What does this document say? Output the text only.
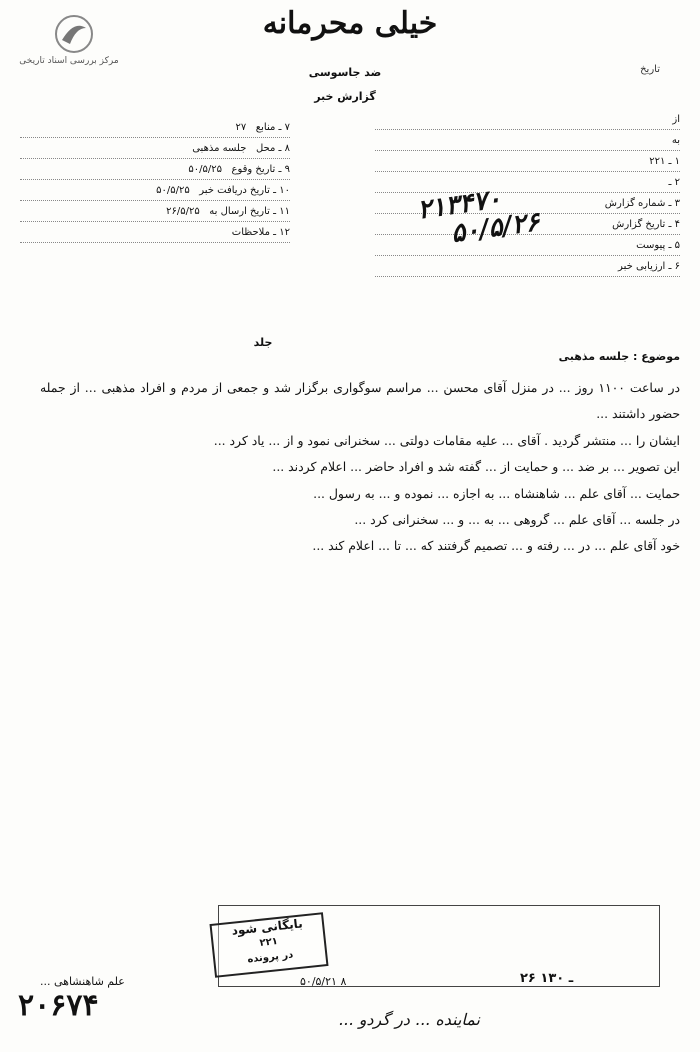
مرکز بررسی اسناد تاریخی
خیلی محرمانه
ضد جاسوسی
گزارش خبر
تاریخ
۷ ـ منابع   ۲۷
۸ ـ محل   جلسه مذهبی
۹ ـ تاریخ وقوع   ۵۰/۵/۲۵
۱۰ ـ تاریخ دریافت خبر   ۵۰/۵/۲۵
۱۱ ـ تاریخ ارسال به   ۲۶/۵/۲۵
۱۲ ـ ملاحظات
از
به
۱ ـ ۲۲۱
۲ ـ
۳ ـ شماره گزارش
۴ ـ تاریخ گزارش
۵ ـ پیوست
۶ ـ ارزیابی خبر
۲۱۳۴۷۰
۵۰/۵/۲۶
جلد
موضوع : جلسه مذهبی
در ساعت ۱۱۰۰ روز ... در منزل آقای محسن ... مراسم سوگواری برگزار شد و جمعی از مردم و افراد مذهبی ... از جمله حضور داشتند ...
ایشان را ... منتشر گردید . آقای ... علیه مقامات دولتی ... سخنرانی نمود و از ... یاد کرد ...
این تصویر ... بر ضد ... و حمایت از ... گفته شد و افراد حاضر ... اعلام کردند ...
حمایت ... آقای علم ... شاهنشاه ... به اجازه ... نموده و ... به رسول ...
در جلسه ... آقای علم ... گروهی ... به ... و ... سخنرانی کرد ...
خود آقای علم ... در ... رفته و ... تصمیم گرفتند که ... تا ... اعلام کند ...
بایگانی شود
۲۲۱
در پرونده
علم شاهنشاهی ...	۸ ۵۰/۵/۲۱	۲۶ ـ ۱۳۰
۲۰۶۷۴	نماینده ... در گردو ...
